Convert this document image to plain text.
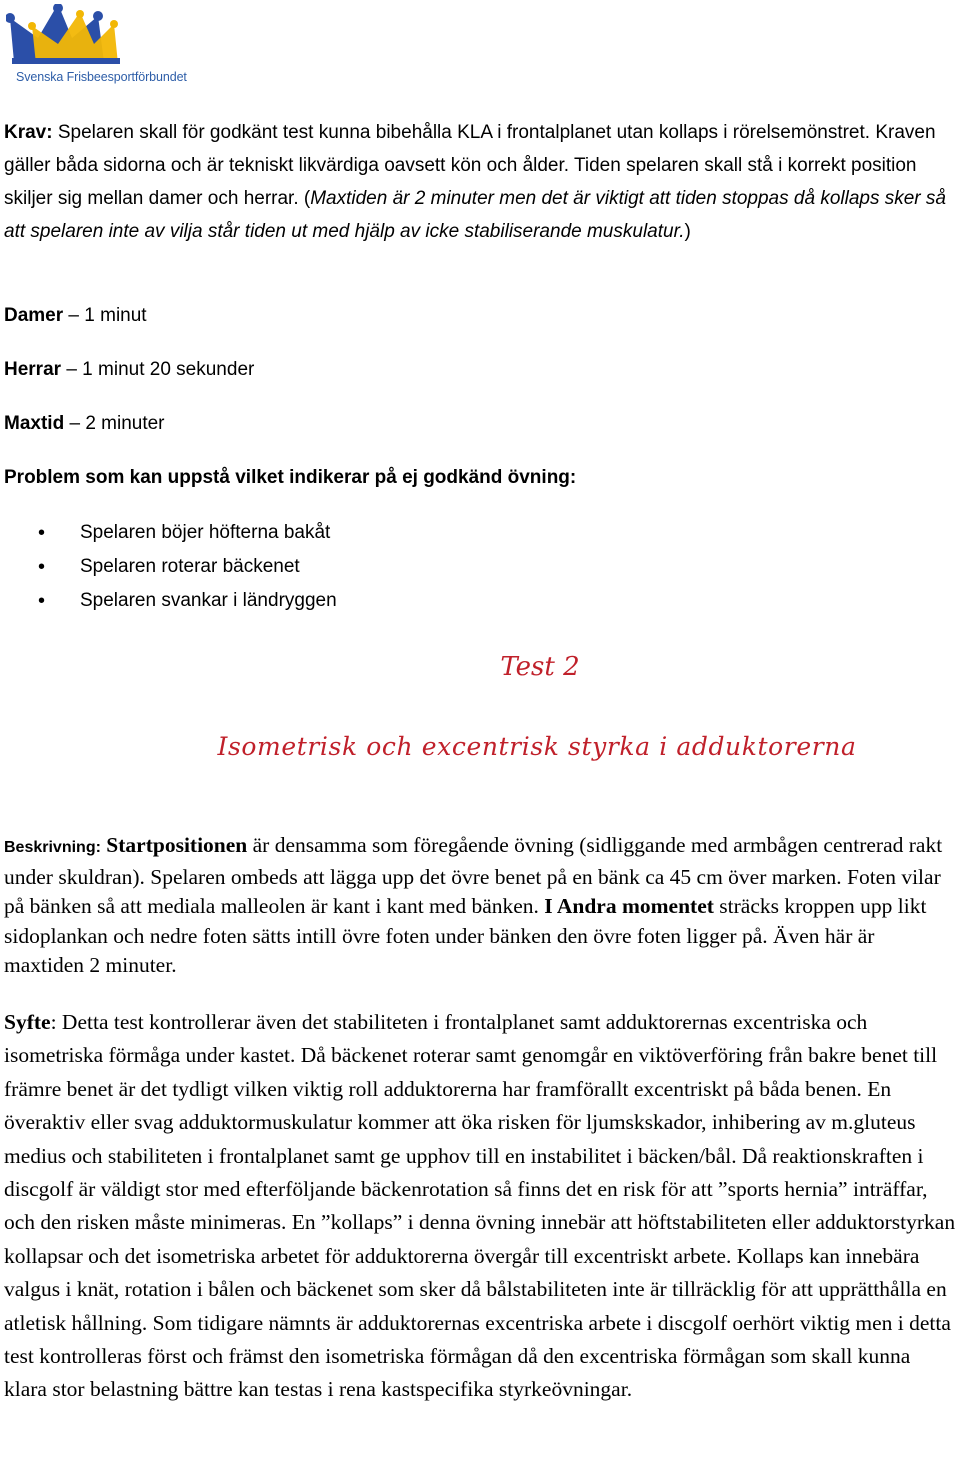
Svenska Frisbeesportförbundet

Krav: Spelaren skall för godkänt test kunna bibehålla KLA i frontalplanet utan kollaps i rörelsemönstret. Kraven gäller båda sidorna och är tekniskt likvärdiga oavsett kön och ålder. Tiden spelaren skall stå i korrekt position skiljer sig mellan damer och herrar. (Maxtiden är 2 minuter men det är viktigt att tiden stoppas då kollaps sker så att spelaren inte av vilja står tiden ut med hjälp av icke stabiliserande muskulatur.)

Damer – 1 minut
Herrar – 1 minut 20 sekunder
Maxtid – 2 minuter
Problem som kan uppstå vilket indikerar på ej godkänd övning:
• Spelaren böjer höfterna bakåt
• Spelaren roterar bäckenet
• Spelaren svankar i ländryggen
Test 2
Isometrisk och excentrisk styrka i adduktorerna

Beskrivning: Startpositionen är densamma som föregående övning (sidliggande med armbågen centrerad rakt under skuldran). Spelaren ombeds att lägga upp det övre benet på en bänk ca 45 cm över marken. Foten vilar på bänken så att mediala malleolen är kant i kant med bänken. I Andra momentet sträcks kroppen upp likt sidoplankan och nedre foten sätts intill övre foten under bänken den övre foten ligger på. Även här är maxtiden 2 minuter.

Syfte: Detta test kontrollerar även det stabiliteten i frontalplanet samt adduktorernas excentriska och isometriska förmåga under kastet. Då bäckenet roterar samt genomgår en viktöverföring från bakre benet till främre benet är det tydligt vilken viktig roll adduktorerna har framförallt excentriskt på båda benen. En överaktiv eller svag adduktormuskulatur kommer att öka risken för ljumskskador, inhibering av m.gluteus medius och stabiliteten i frontalplanet samt ge upphov till en instabilitet i bäcken/bål. Då reaktionskraften i discgolf är väldigt stor med efterföljande bäckenrotation så finns det en risk för att ”sports hernia” inträffar, och den risken måste minimeras. En ”kollaps” i denna övning innebär att höftstabiliteten eller adduktorstyrkan kollapsar och det isometriska arbetet för adduktorerna övergår till excentriskt arbete. Kollaps kan innebära valgus i knät, rotation i bålen och bäckenet som sker då bålstabiliteten inte är tillräcklig för att upprätthålla en atletisk hållning. Som tidigare nämnts är adduktorernas excentriska arbete i discgolf oerhört viktig men i detta test kontrolleras först och främst den isometriska förmågan då den excentriska förmågan som skall kunna klara stor belastning bättre kan testas i rena kastspecifika styrkeövningar.
